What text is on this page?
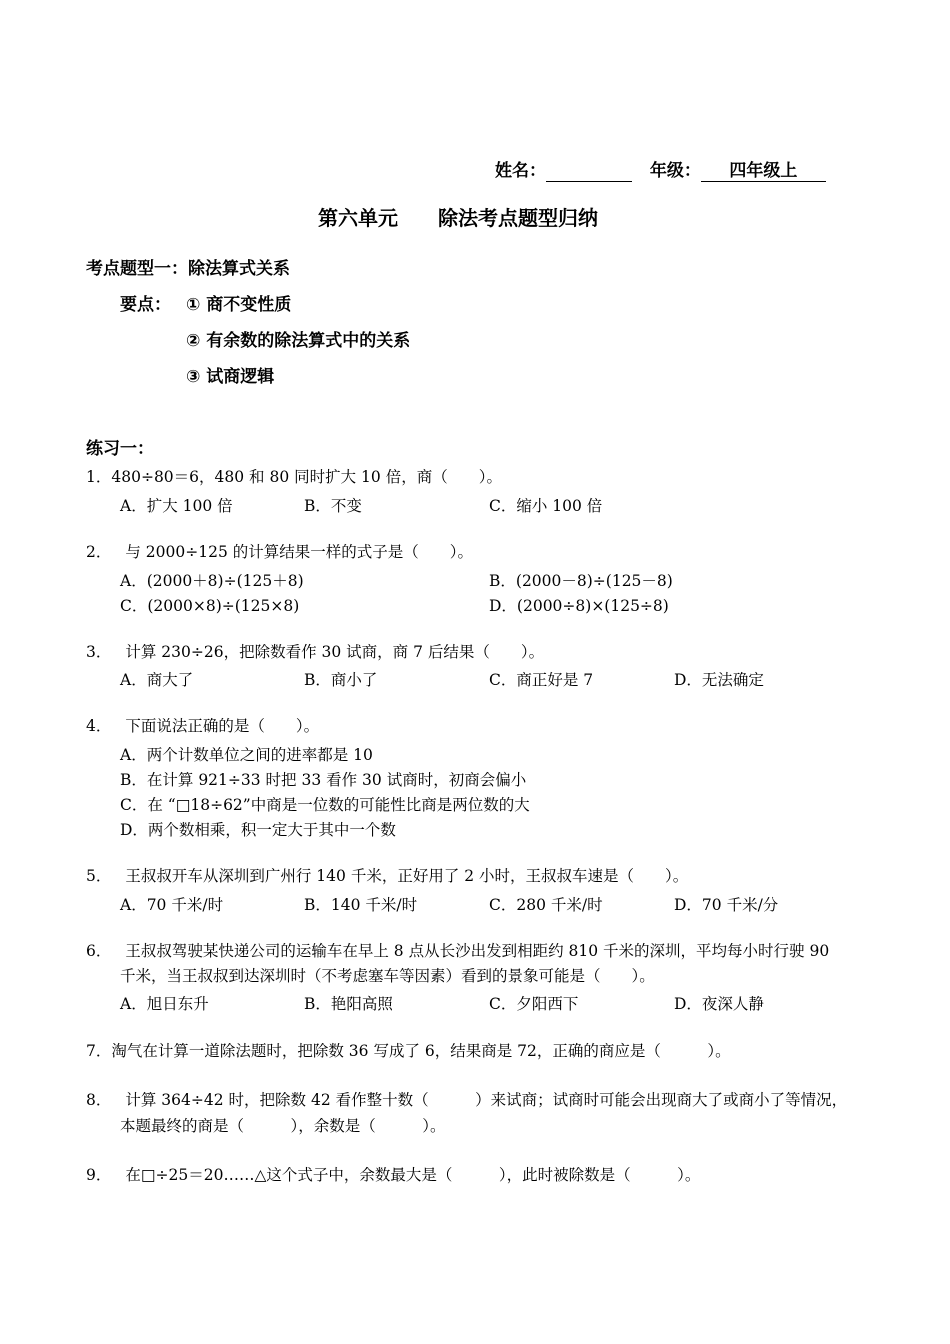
姓名：	年级： 四年级上
第六单元　　除法考点题型归纳
考点题型一：除法算式关系
要点： ① 商不变性质
② 有余数的除法算式中的关系
③ 试商逻辑
练习一：
1．480÷80＝6，480 和 80 同时扩大 10 倍，商（　　）。
A．扩大 100 倍	B．不变	C．缩小 100 倍
2． 与 2000÷125 的计算结果一样的式子是（　　）。
A．(2000＋8)÷(125＋8)	B．(2000－8)÷(125－8)
C．(2000×8)÷(125×8)	D．(2000÷8)×(125÷8)
3． 计算 230÷26，把除数看作 30 试商，商 7 后结果（　　）。
A．商大了	B．商小了	C．商正好是 7	D．无法确定
4． 下面说法正确的是（　　）。
A．两个计数单位之间的进率都是 10
B．在计算 921÷33 时把 33 看作 30 试商时，初商会偏小
C．在 “□18÷62”中商是一位数的可能性比商是两位数的大
D．两个数相乘，积一定大于其中一个数
5． 王叔叔开车从深圳到广州行 140 千米，正好用了 2 小时，王叔叔车速是（　　）。
A．70 千米/时	B．140 千米/时	C．280 千米/时	D．70 千米/分
6． 王叔叔驾驶某快递公司的运输车在早上 8 点从长沙出发到相距约 810 千米的深圳，平均每小时行驶 90
千米，当王叔叔到达深圳时（不考虑塞车等因素）看到的景象可能是（　　）。
A．旭日东升	B．艳阳高照	C．夕阳西下	D．夜深人静
7．淘气在计算一道除法题时，把除数 36 写成了 6，结果商是 72，正确的商应是（　　　）。
8． 计算 364÷42 时，把除数 42 看作整十数（　　　）来试商；试商时可能会出现商大了或商小了等情况，
本题最终的商是（　　　），余数是（　　　）。
9． 在□÷25＝20……△这个式子中，余数最大是（　　　），此时被除数是（　　　）。
